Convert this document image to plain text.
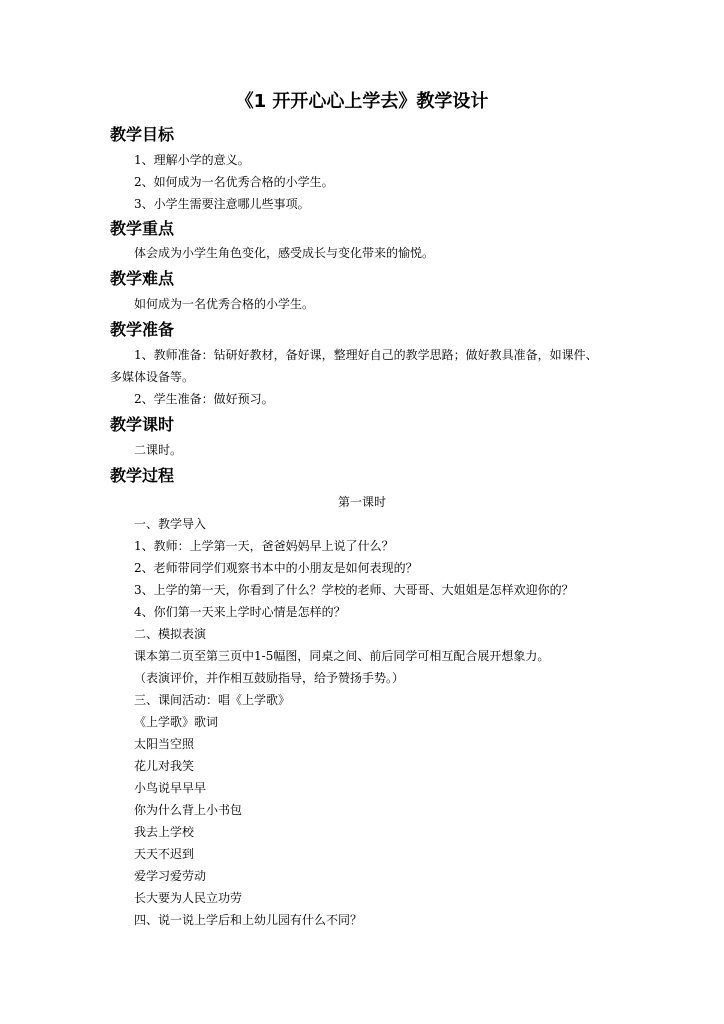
《1 开开心心上学去》教学设计
教学目标

1、理解小学的意义。

2、如何成为一名优秀合格的小学生。

3、小学生需要注意哪儿些事项。

教学重点

体会成为小学生角色变化，感受成长与变化带来的愉悦。

教学难点

如何成为一名优秀合格的小学生。

教学准备

1、教师准备：钻研好教材，备好课，整理好自己的教学思路；做好教具准备，如课件、

多媒体设备等。

2、学生准备：做好预习。

教学课时

二课时。

教学过程

第一课时

一、教学导入

1、教师：上学第一天，爸爸妈妈早上说了什么？

2、老师带同学们观察书本中的小朋友是如何表现的？

3、上学的第一天，你看到了什么？学校的老师、大哥哥、大姐姐是怎样欢迎你的？

4、你们第一天来上学时心情是怎样的？

二、模拟表演

课本第二页至第三页中1-5幅图，同桌之间、前后同学可相互配合展开想象力。

（表演评价，并作相互鼓励指导，给予赞扬手势。）

三、课间活动：唱《上学歌》

《上学歌》歌词

太阳当空照

花儿对我笑

小鸟说早早早

你为什么背上小书包

我去上学校

天天不迟到

爱学习爱劳动

长大要为人民立功劳

四、说一说上学后和上幼儿园有什么不同？
